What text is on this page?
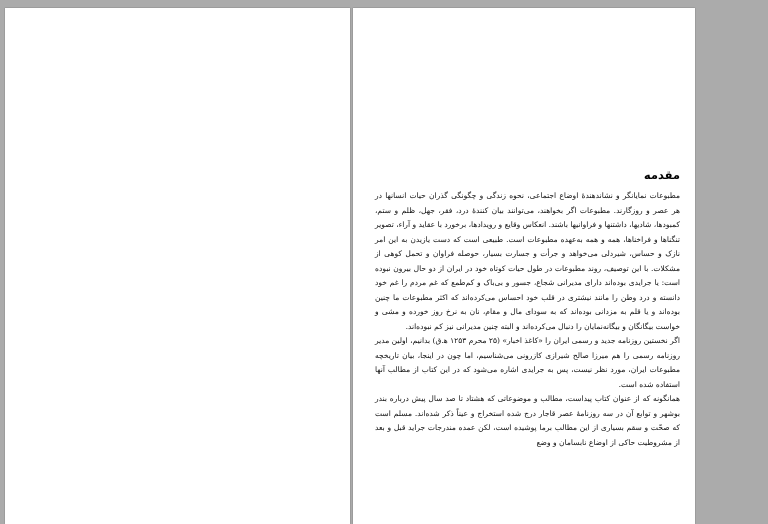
مقدمه

مطبوعات نمایانگر و نشاندهندهٔ اوضاع اجتماعی، نحوه زندگی و چگونگی گذران حیات انسانها در هر عصر و روزگارند. مطبوعات اگر بخواهند، می‌توانند بیان کنندهٔ درد، فقر، جهل، ظلم و ستم، کمبودها، شادیها، داشتنها و فراوانیها باشند. انعکاس وقایع و رویدادها، برخورد با عقاید و آراء، تصویر تنگناها و فراخناها، همه و همه به‌عهده مطبوعات است. طبیعی است که دست یازیدن به این امر نازک و حساس، شیردلی می‌خواهد و جرأت و جسارت بسیار، حوصله فراوان و تحمل کوهی از مشکلات. با این توصیف، روند مطبوعات در طول حیات کوتاه خود در ایران از دو حال بیرون نبوده است: یا جرایدی بوده‌اند دارای مدیرانی شجاع، جسور و بی‌باک و کم‌طمع که غم مردم را غم خود دانسته و درد وطن را مانند نیشتری در قلب خود احساس می‌کرده‌اند که اکثر مطبوعات ما چنین بوده‌اند و یا قلم به مزدانی بوده‌اند که به سودای مال و مقام، نان به نرخ روز خورده و مشی و خواست بیگانگان و بیگانه‌نمایان را دنبال می‌کرده‌اند و البته چنین مدیرانی نیز کم نبوده‌اند.

اگر نخستین روزنامه جدید و رسمی ایران را «کاغذ اخبار» (۲۵ محرم ۱۲۵۳ ه‍.ق) بدانیم، اولین مدیر روزنامه رسمی را هم میرزا صالح شیرازی کازرونی می‌شناسیم، اما چون در اینجا، بیان تاریخچه مطبوعات ایران، مورد نظر نیست، پس به جرایدی اشاره می‌شود که در این کتاب از مطالب آنها استفاده شده است.

همانگونه که از عنوان کتاب پیداست، مطالب و موضوعاتی که هشتاد تا صد سال پیش درباره بندر بوشهر و توابع آن در سه روزنامهٔ عصر قاجار درج شده استخراج و عیناً ذکر شده‌اند. مسلم است که صحّت و سقم بسیاری از این مطالب برما پوشیده است، لکن عمده مندرجات جراید قبل و بعد از مشروطیت حاکی از اوضاع نابسامان و وضع
